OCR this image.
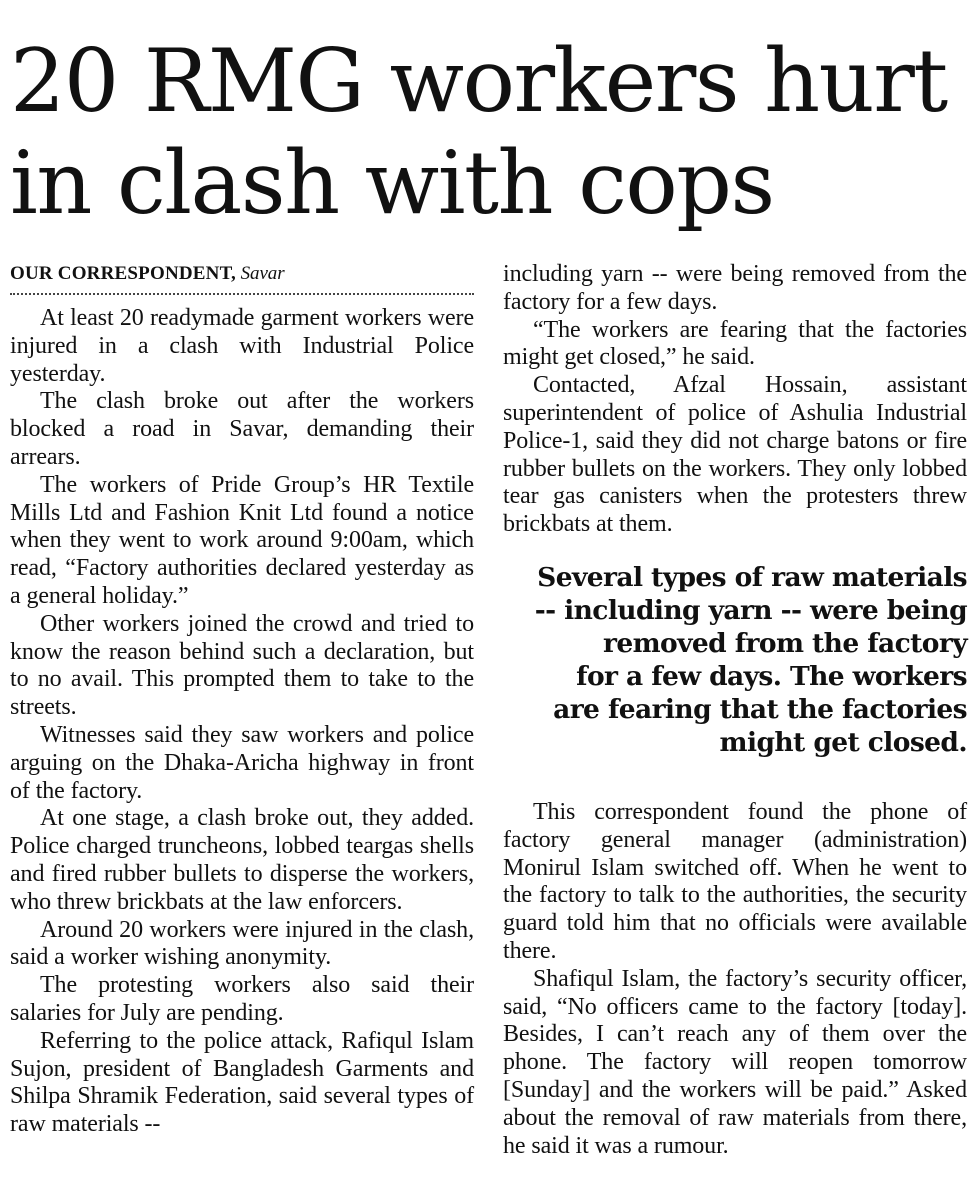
20 RMG workers hurt
in clash with cops
OUR CORRESPONDENT, Savar

At least 20 readymade garment workers were injured in a clash with Industrial Police yesterday.

The clash broke out after the workers blocked a road in Savar, demanding their arrears.

The workers of Pride Group’s HR Textile Mills Ltd and Fashion Knit Ltd found a notice when they went to work around 9:00am, which read, “Factory authorities declared yesterday as a general holiday.”

Other workers joined the crowd and tried to know the reason behind such a declaration, but to no avail. This prompted them to take to the streets.

Witnesses said they saw workers and police arguing on the Dhaka-Aricha highway in front of the factory.

At one stage, a clash broke out, they added. Police charged truncheons, lobbed teargas shells and fired rubber bullets to disperse the workers, who threw brickbats at the law enforcers.

Around 20 workers were injured in the clash, said a worker wishing anonymity.

The protesting workers also said their salaries for July are pending.

Referring to the police attack, Rafiqul Islam Sujon, president of Bangladesh Garments and Shilpa Shramik Federation, said several types of raw materials --

including yarn -- were being removed from the factory for a few days.

“The workers are fearing that the factories might get closed,” he said.

Contacted, Afzal Hossain, assistant superintendent of police of Ashulia Industrial Police-1, said they did not charge batons or fire rubber bullets on the workers. They only lobbed tear gas canisters when the protesters threw brickbats at them.

Several types of raw materials
-- including yarn -- were being
removed from the factory
for a few days. The workers
are fearing that the factories
might get closed.

This correspondent found the phone of factory general manager (administration) Monirul Islam switched off. When he went to the factory to talk to the authorities, the security guard told him that no officials were available there.

Shafiqul Islam, the factory’s security officer, said, “No officers came to the factory [today]. Besides, I can’t reach any of them over the phone. The factory will reopen tomorrow [Sunday] and the workers will be paid.” Asked about the removal of raw materials from there, he said it was a rumour.
